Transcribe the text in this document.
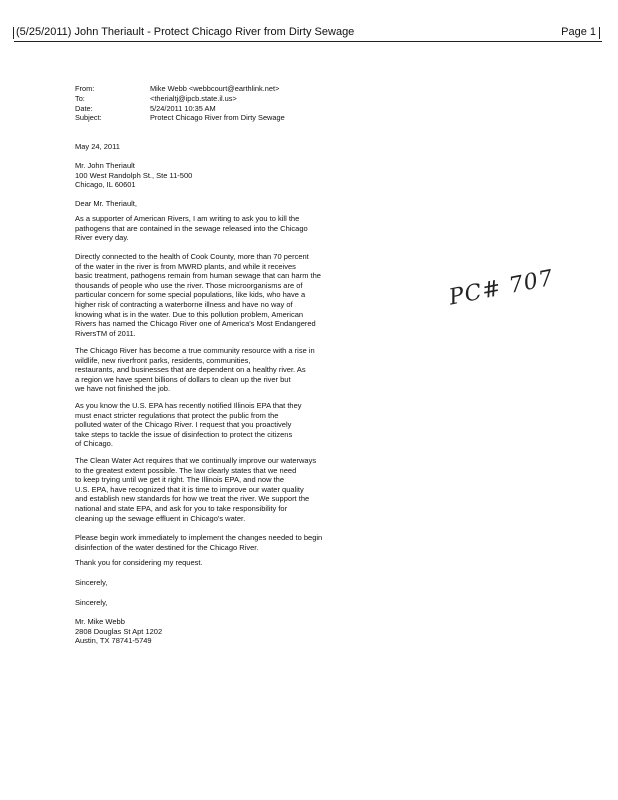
(5/25/2011) John Theriault - Protect Chicago River from Dirty Sewage	Page 1
From:	Mike Webb <webbcourt@earthlink.net>
To:	<therialtj@ipcb.state.il.us>
Date:	5/24/2011 10:35 AM
Subject:	Protect Chicago River from Dirty Sewage
May 24, 2011
Mr. John Theriault
100 West Randolph St., Ste 11-500
Chicago, IL 60601
Dear Mr. Theriault,
As a supporter of American Rivers, I am writing to ask you to kill the
pathogens that are contained in the sewage released into the Chicago
River every day.
Directly connected to the health of Cook County, more than 70 percent
of the water in the river is from MWRD plants, and while it receives
basic treatment, pathogens remain from human sewage that can harm the
thousands of people who use the river. Those microorganisms are of
particular concern for some special populations, like kids, who have a
higher risk of contracting a waterborne illness and have no way of
knowing what is in the water. Due to this pollution problem, American
Rivers has named the Chicago River one of America's Most Endangered
RiversTM of 2011.
The Chicago River has become a true community resource with a rise in
wildlife, new riverfront parks, residents, communities,
restaurants, and businesses that are dependent on a healthy river. As
a region we have spent billions of dollars to clean up the river but
we have not finished the job.
As you know the U.S. EPA has recently notified Illinois EPA that they
must enact stricter regulations that protect the public from the
polluted water of the Chicago River. I request that you proactively
take steps to tackle the issue of disinfection to protect the citizens
of Chicago.
The Clean Water Act requires that we continually improve our waterways
to the greatest extent possible. The law clearly states that we need
to keep trying until we get it right. The Illinois EPA, and now the
U.S. EPA, have recognized that it is time to improve our water quality
and establish new standards for how we treat the river. We support the
national and state EPA, and ask for you to take responsibility for
cleaning up the sewage effluent in Chicago's water.
Please begin work immediately to implement the changes needed to begin
disinfection of the water destined for the Chicago River.
Thank you for considering my request.
Sincerely,
Sincerely,
Mr. Mike Webb
2808 Douglas St Apt 1202
Austin, TX 78741-5749
PC# 707
